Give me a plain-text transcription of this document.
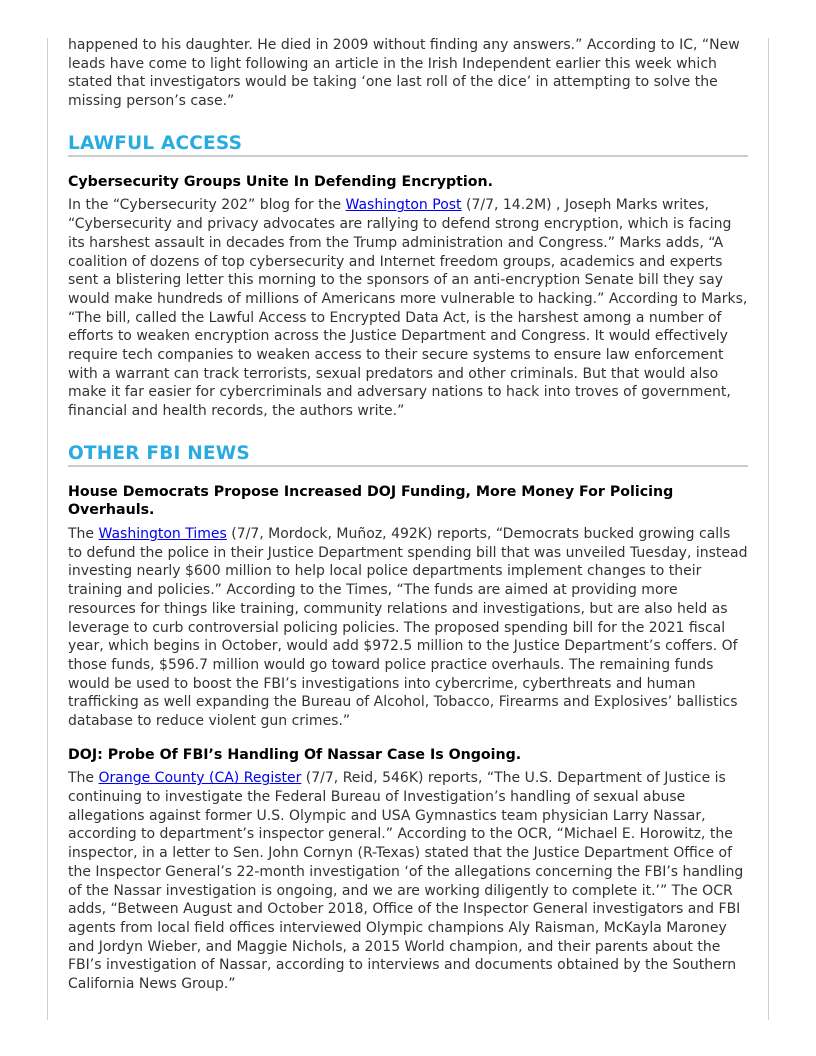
happened to his daughter. He died in 2009 without finding any answers.” According to IC, “New leads have come to light following an article in the Irish Independent earlier this week which stated that investigators would be taking ‘one last roll of the dice’ in attempting to solve the missing person’s case.”

LAWFUL ACCESS
Cybersecurity Groups Unite In Defending Encryption.

In the “Cybersecurity 202” blog for the Washington Post (7/7, 14.2M) , Joseph Marks writes, “Cybersecurity and privacy advocates are rallying to defend strong encryption, which is facing its harshest assault in decades from the Trump administration and Congress.” Marks adds, “A coalition of dozens of top cybersecurity and Internet freedom groups, academics and experts sent a blistering letter this morning to the sponsors of an anti-encryption Senate bill they say would make hundreds of millions of Americans more vulnerable to hacking.” According to Marks, “The bill, called the Lawful Access to Encrypted Data Act, is the harshest among a number of efforts to weaken encryption across the Justice Department and Congress. It would effectively require tech companies to weaken access to their secure systems to ensure law enforcement with a warrant can track terrorists, sexual predators and other criminals. But that would also make it far easier for cybercriminals and adversary nations to hack into troves of government, financial and health records, the authors write.”

OTHER FBI NEWS
House Democrats Propose Increased DOJ Funding, More Money For Policing Overhauls.

The Washington Times (7/7, Mordock, Muñoz, 492K) reports, “Democrats bucked growing calls to defund the police in their Justice Department spending bill that was unveiled Tuesday, instead investing nearly $600 million to help local police departments implement changes to their training and policies.” According to the Times, “The funds are aimed at providing more resources for things like training, community relations and investigations, but are also held as leverage to curb controversial policing policies. The proposed spending bill for the 2021 fiscal year, which begins in October, would add $972.5 million to the Justice Department’s coffers. Of those funds, $596.7 million would go toward police practice overhauls. The remaining funds would be used to boost the FBI’s investigations into cybercrime, cyberthreats and human trafficking as well expanding the Bureau of Alcohol, Tobacco, Firearms and Explosives’ ballistics database to reduce violent gun crimes.”

DOJ: Probe Of FBI’s Handling Of Nassar Case Is Ongoing.

The Orange County (CA) Register (7/7, Reid, 546K) reports, “The U.S. Department of Justice is continuing to investigate the Federal Bureau of Investigation’s handling of sexual abuse allegations against former U.S. Olympic and USA Gymnastics team physician Larry Nassar, according to department’s inspector general.” According to the OCR, “Michael E. Horowitz, the inspector, in a letter to Sen. John Cornyn (R-Texas) stated that the Justice Department Office of the Inspector General’s 22-month investigation ‘of the allegations concerning the FBI’s handling of the Nassar investigation is ongoing, and we are working diligently to complete it.’” The OCR adds, “Between August and October 2018, Office of the Inspector General investigators and FBI agents from local field offices interviewed Olympic champions Aly Raisman, McKayla Maroney and Jordyn Wieber, and Maggie Nichols, a 2015 World champion, and their parents about the FBI’s investigation of Nassar, according to interviews and documents obtained by the Southern California News Group.”
